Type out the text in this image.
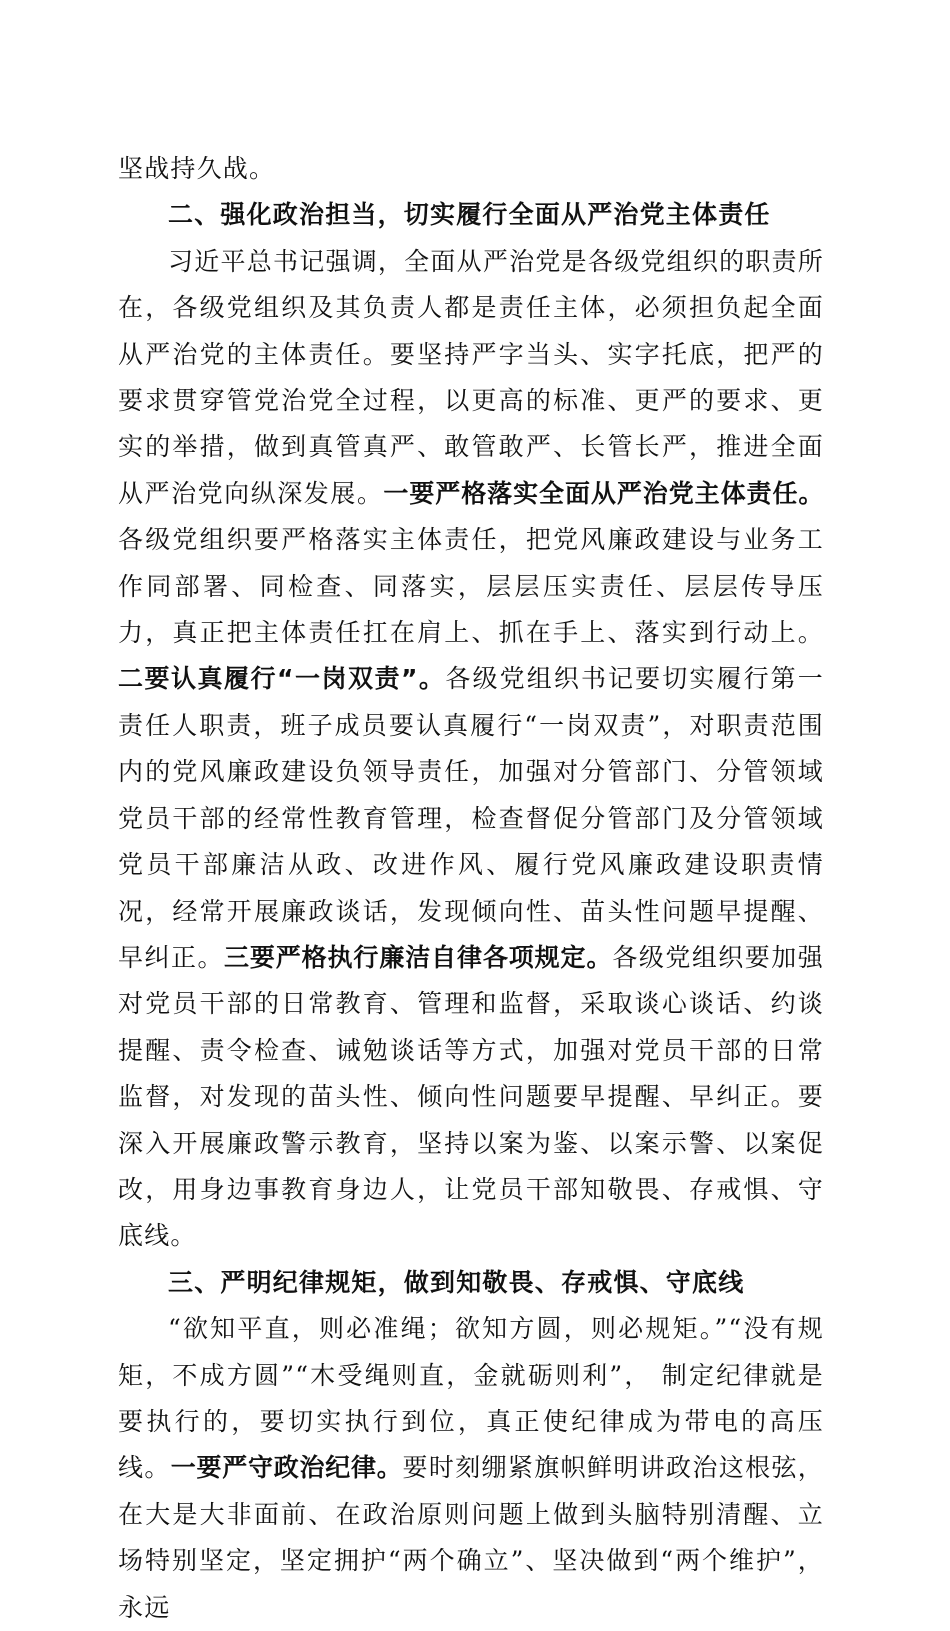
坚战持久战。

二、强化政治担当，切实履行全面从严治党主体责任

习近平总书记强调，全面从严治党是各级党组织的职责所在，各级党组织及其负责人都是责任主体，必须担负起全面从严治党的主体责任。要坚持严字当头、实字托底，把严的要求贯穿管党治党全过程，以更高的标准、更严的要求、更实的举措，做到真管真严、敢管敢严、长管长严，推进全面从严治党向纵深发展。一要严格落实全面从严治党主体责任。各级党组织要严格落实主体责任，把党风廉政建设与业务工作同部署、同检查、同落实，层层压实责任、层层传导压力，真正把主体责任扛在肩上、抓在手上、落实到行动上。二要认真履行“一岗双责”。各级党组织书记要切实履行第一责任人职责，班子成员要认真履行“一岗双责”，对职责范围内的党风廉政建设负领导责任，加强对分管部门、分管领域党员干部的经常性教育管理，检查督促分管部门及分管领域党员干部廉洁从政、改进作风、履行党风廉政建设职责情况，经常开展廉政谈话，发现倾向性、苗头性问题早提醒、早纠正。三要严格执行廉洁自律各项规定。各级党组织要加强对党员干部的日常教育、管理和监督，采取谈心谈话、约谈提醒、责令检查、诫勉谈话等方式，加强对党员干部的日常监督，对发现的苗头性、倾向性问题要早提醒、早纠正。要深入开展廉政警示教育，坚持以案为鉴、以案示警、以案促改，用身边事教育身边人，让党员干部知敬畏、存戒惧、守底线。

三、严明纪律规矩，做到知敬畏、存戒惧、守底线

“欲知平直，则必准绳；欲知方圆，则必规矩。”“没有规矩，不成方圆”“木受绳则直，金就砺则利”， 制定纪律就是要执行的，要切实执行到位，真正使纪律成为带电的高压线。一要严守政治纪律。要时刻绷紧旗帜鲜明讲政治这根弦，在大是大非面前、在政治原则问题上做到头脑特别清醒、立场特别坚定，坚定拥护“两个确立”、坚决做到“两个维护”，永远
